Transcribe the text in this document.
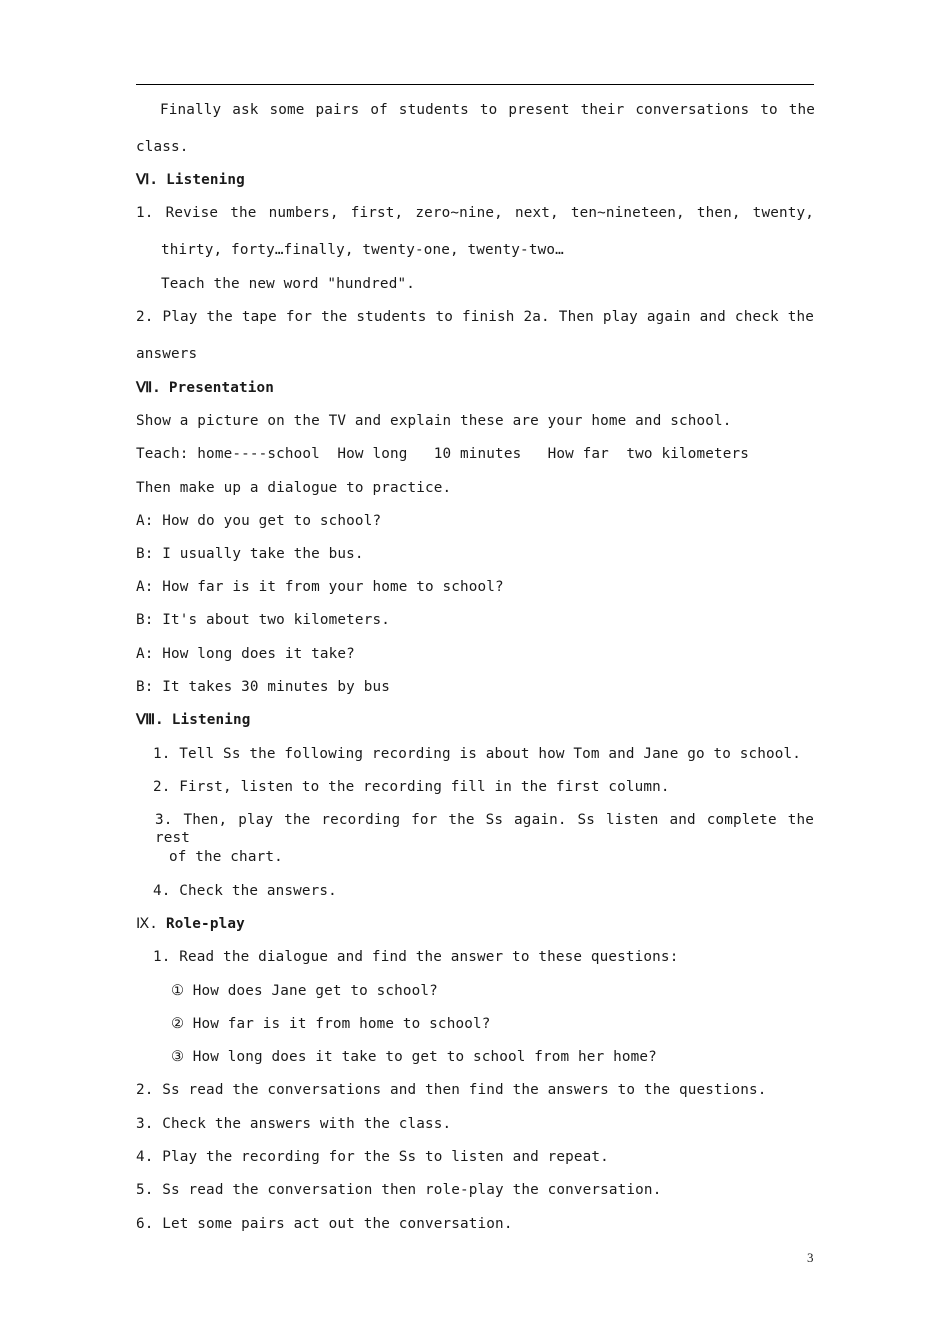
Finally ask some pairs of students to present their conversations to the
class.
Ⅵ. Listening
1. Revise the numbers, first, zero~nine, next, ten~nineteen, then, twenty,
thirty, forty…finally, twenty-one, twenty-two…
Teach the new word "hundred".
2. Play the tape for the students to finish 2a. Then play again and check the
answers
Ⅶ. Presentation
Show a picture on the TV and explain these are your home and school.
Teach: home----school  How long   10 minutes   How far  two kilometers
Then make up a dialogue to practice.
A: How do you get to school?
B: I usually take the bus.
A: How far is it from your home to school?
B: It's about two kilometers.
A: How long does it take?
B: It takes 30 minutes by bus
Ⅷ. Listening
1. Tell Ss the following recording is about how Tom and Jane go to school.
2. First, listen to the recording fill in the first column.
3. Then, play the recording for the Ss again. Ss listen and complete the rest
of the chart.
4. Check the answers.
Ⅸ. Role-play
1. Read the dialogue and find the answer to these questions:
① How does Jane get to school?
② How far is it from home to school?
③ How long does it take to get to school from her home?
2. Ss read the conversations and then find the answers to the questions.
3. Check the answers with the class.
4. Play the recording for the Ss to listen and repeat.
5. Ss read the conversation then role-play the conversation.
6. Let some pairs act out the conversation.
3
